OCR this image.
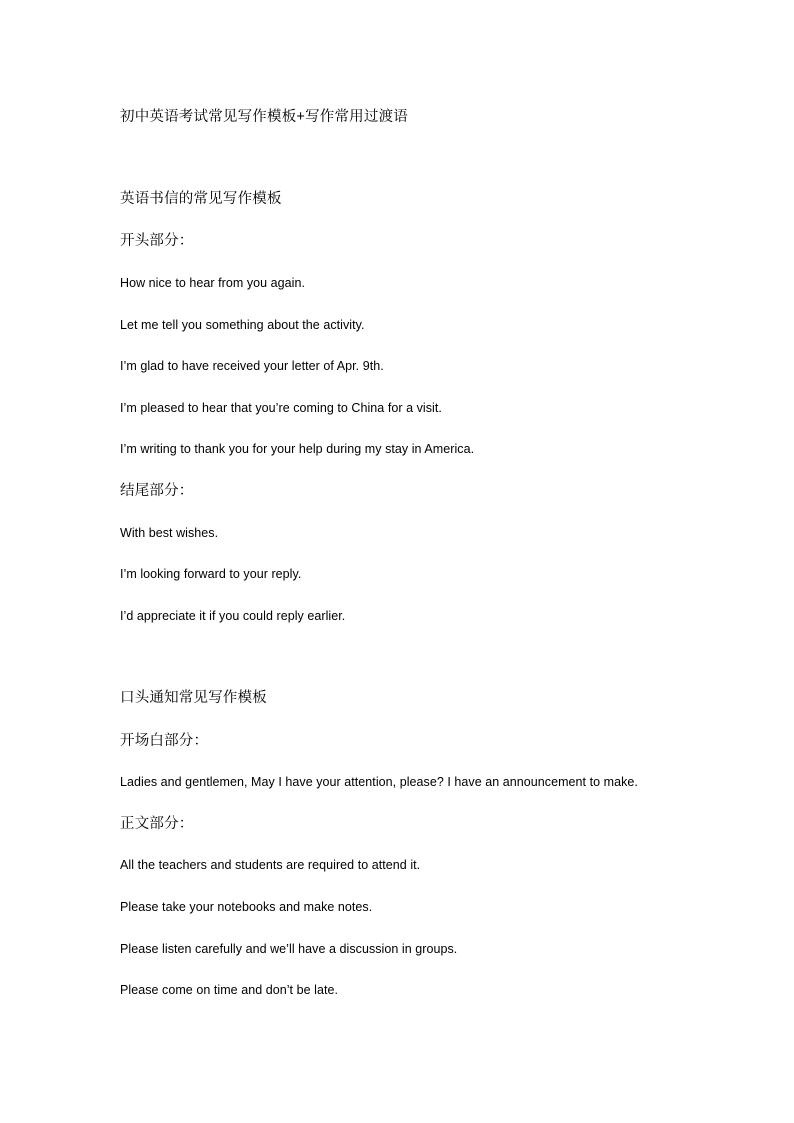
初中英语考试常见写作模板+写作常用过渡语
英语书信的常见写作模板
开头部分：
How nice to hear from you again.
Let me tell you something about the activity.
I’m glad to have received your letter of Apr. 9th.
I’m pleased to hear that you’re coming to China for a visit.
I’m writing to thank you for your help during my stay in America.
结尾部分：
With best wishes.
I’m looking forward to your reply.
I’d appreciate it if you could reply earlier.
口头通知常见写作模板
开场白部分：
Ladies and gentlemen, May I have your attention, please? I have an announcement to make.
正文部分：
All the teachers and students are required to attend it.
Please take your notebooks and make notes.
Please listen carefully and we’ll have a discussion in groups.
Please come on time and don’t be late.
